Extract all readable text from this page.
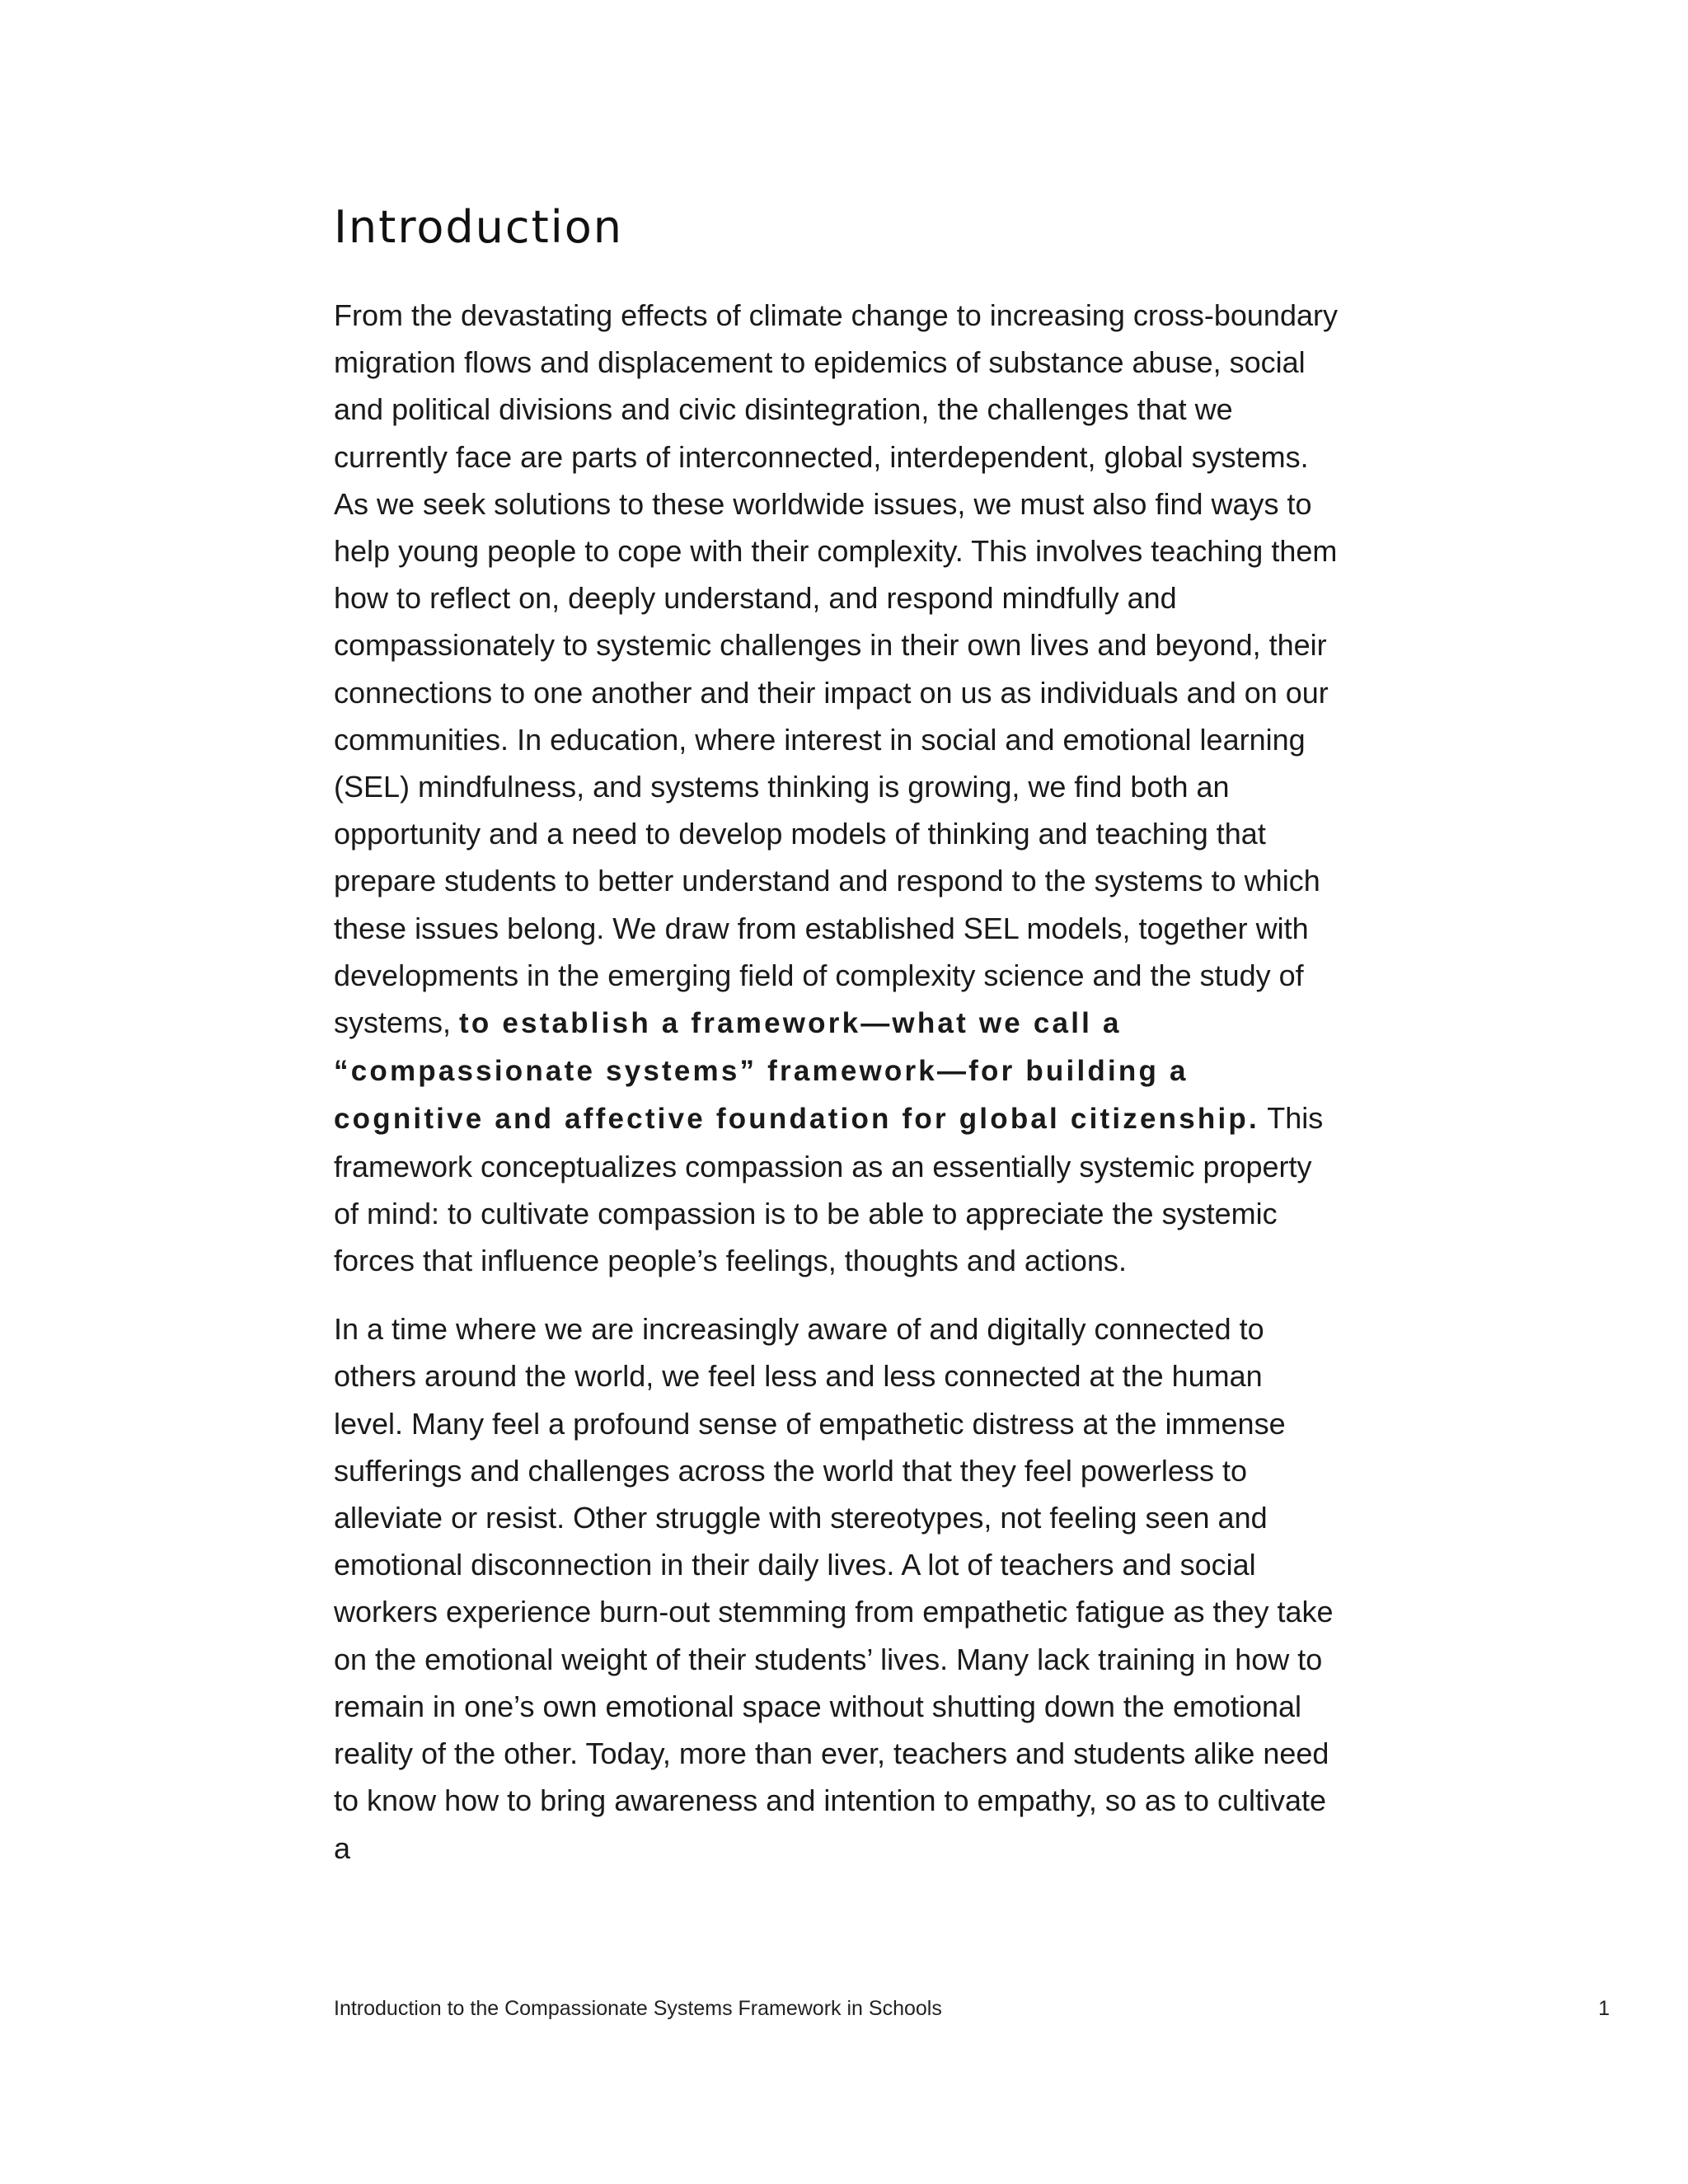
Introduction

From the devastating effects of climate change to increasing cross-boundary migration flows and displacement to epidemics of substance abuse, social and political divisions and civic disintegration, the challenges that we currently face are parts of interconnected, interdependent, global systems. As we seek solutions to these worldwide issues, we must also find ways to help young people to cope with their complexity. This involves teaching them how to reflect on, deeply understand, and respond mindfully and compassionately to systemic challenges in their own lives and beyond, their connections to one another and their impact on us as individuals and on our communities. In education, where interest in social and emotional learning (SEL) mindfulness, and systems thinking is growing, we find both an opportunity and a need to develop models of thinking and teaching that prepare students to better understand and respond to the systems to which these issues belong. We draw from established SEL models, together with developments in the emerging field of complexity science and the study of systems, to establish a framework—what we call a “compassionate systems” framework—for building a cognitive and affective foundation for global citizenship. This framework conceptualizes compassion as an essentially systemic property of mind: to cultivate compassion is to be able to appreciate the systemic forces that influence people’s feelings, thoughts and actions.

In a time where we are increasingly aware of and digitally connected to others around the world, we feel less and less connected at the human level. Many feel a profound sense of empathetic distress at the immense sufferings and challenges across the world that they feel powerless to alleviate or resist. Other struggle with stereotypes, not feeling seen and emotional disconnection in their daily lives. A lot of teachers and social workers experience burn-out stemming from empathetic fatigue as they take on the emotional weight of their students’ lives. Many lack training in how to remain in one’s own emotional space without shutting down the emotional reality of the other. Today, more than ever, teachers and students alike need to know how to bring awareness and intention to empathy, so as to cultivate a

Introduction to the Compassionate Systems Framework in Schools	1
